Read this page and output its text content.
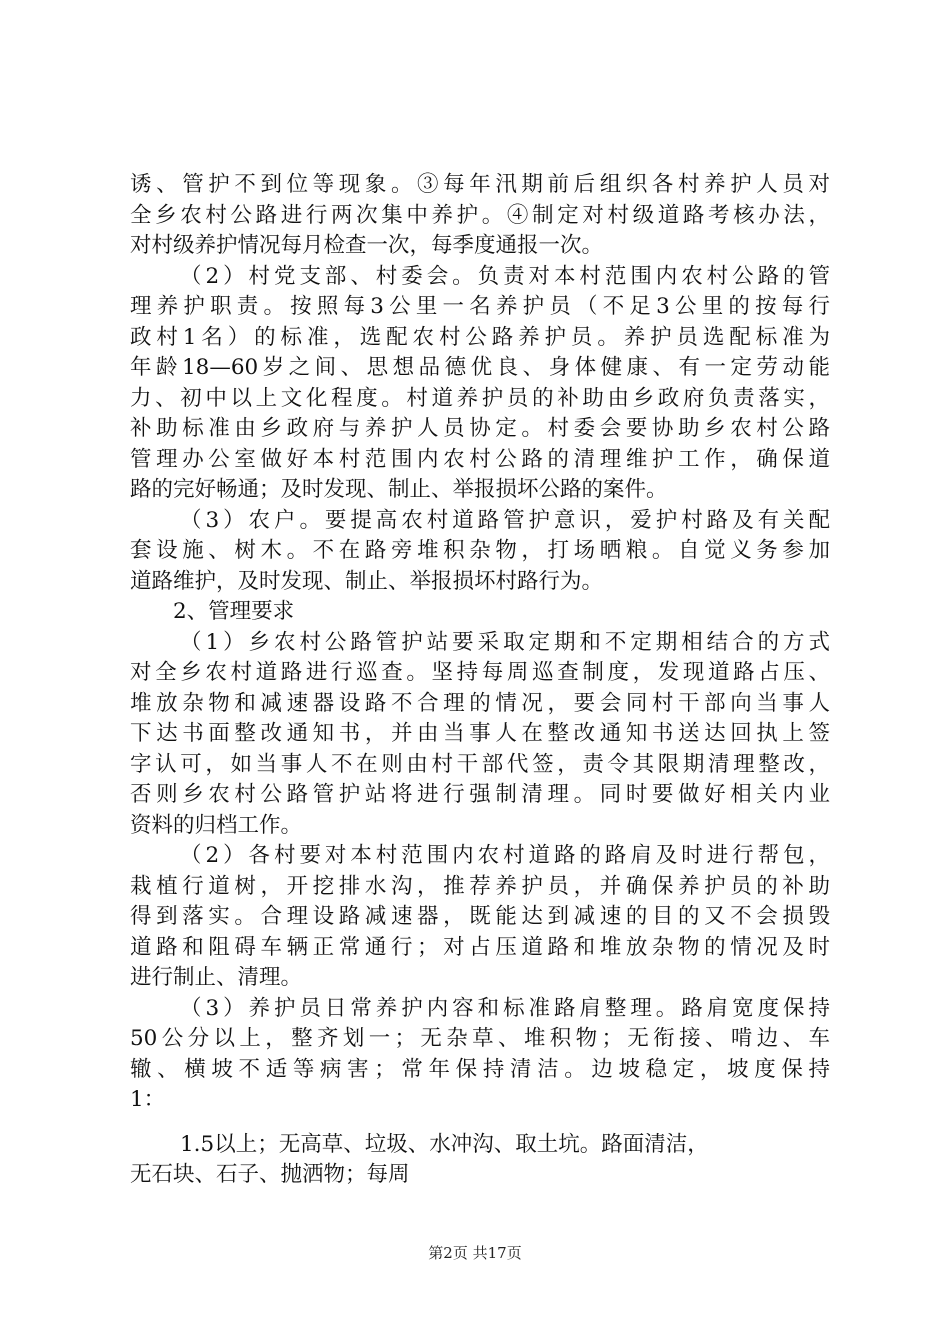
诱、管护不到位等现象。③每年汛期前后组织各村养护人员对
全乡农村公路进行两次集中养护。④制定对村级道路考核办法，
对村级养护情况每月检查一次，每季度通报一次。
（2）村党支部、村委会。负责对本村范围内农村公路的管
理养护职责。按照每3公里一名养护员（不足3公里的按每行
政村1名）的标准，选配农村公路养护员。养护员选配标准为
年龄18—60岁之间、思想品德优良、身体健康、有一定劳动能
力、初中以上文化程度。村道养护员的补助由乡政府负责落实，
补助标准由乡政府与养护人员协定。村委会要协助乡农村公路
管理办公室做好本村范围内农村公路的清理维护工作，确保道
路的完好畅通；及时发现、制止、举报损坏公路的案件。
（3）农户。要提高农村道路管护意识，爱护村路及有关配
套设施、树木。不在路旁堆积杂物，打场晒粮。自觉义务参加
道路维护，及时发现、制止、举报损坏村路行为。
2、管理要求
（1）乡农村公路管护站要采取定期和不定期相结合的方式
对全乡农村道路进行巡查。坚持每周巡查制度，发现道路占压、
堆放杂物和减速器设路不合理的情况，要会同村干部向当事人
下达书面整改通知书，并由当事人在整改通知书送达回执上签
字认可，如当事人不在则由村干部代签，责令其限期清理整改，
否则乡农村公路管护站将进行强制清理。同时要做好相关内业
资料的归档工作。
（2）各村要对本村范围内农村道路的路肩及时进行帮包，
栽植行道树，开挖排水沟，推荐养护员，并确保养护员的补助
得到落实。合理设路减速器，既能达到减速的目的又不会损毁
道路和阻碍车辆正常通行；对占压道路和堆放杂物的情况及时
进行制止、清理。
（3）养护员日常养护内容和标准路肩整理。路肩宽度保持
50公分以上，整齐划一；无杂草、堆积物；无衔接、啃边、车
辙、横坡不适等病害；常年保持清洁。边坡稳定，坡度保持
1：
1.5以上；无高草、垃圾、水冲沟、取土坑。路面清洁，
无石块、石子、抛洒物；每周
第2页 共17页
